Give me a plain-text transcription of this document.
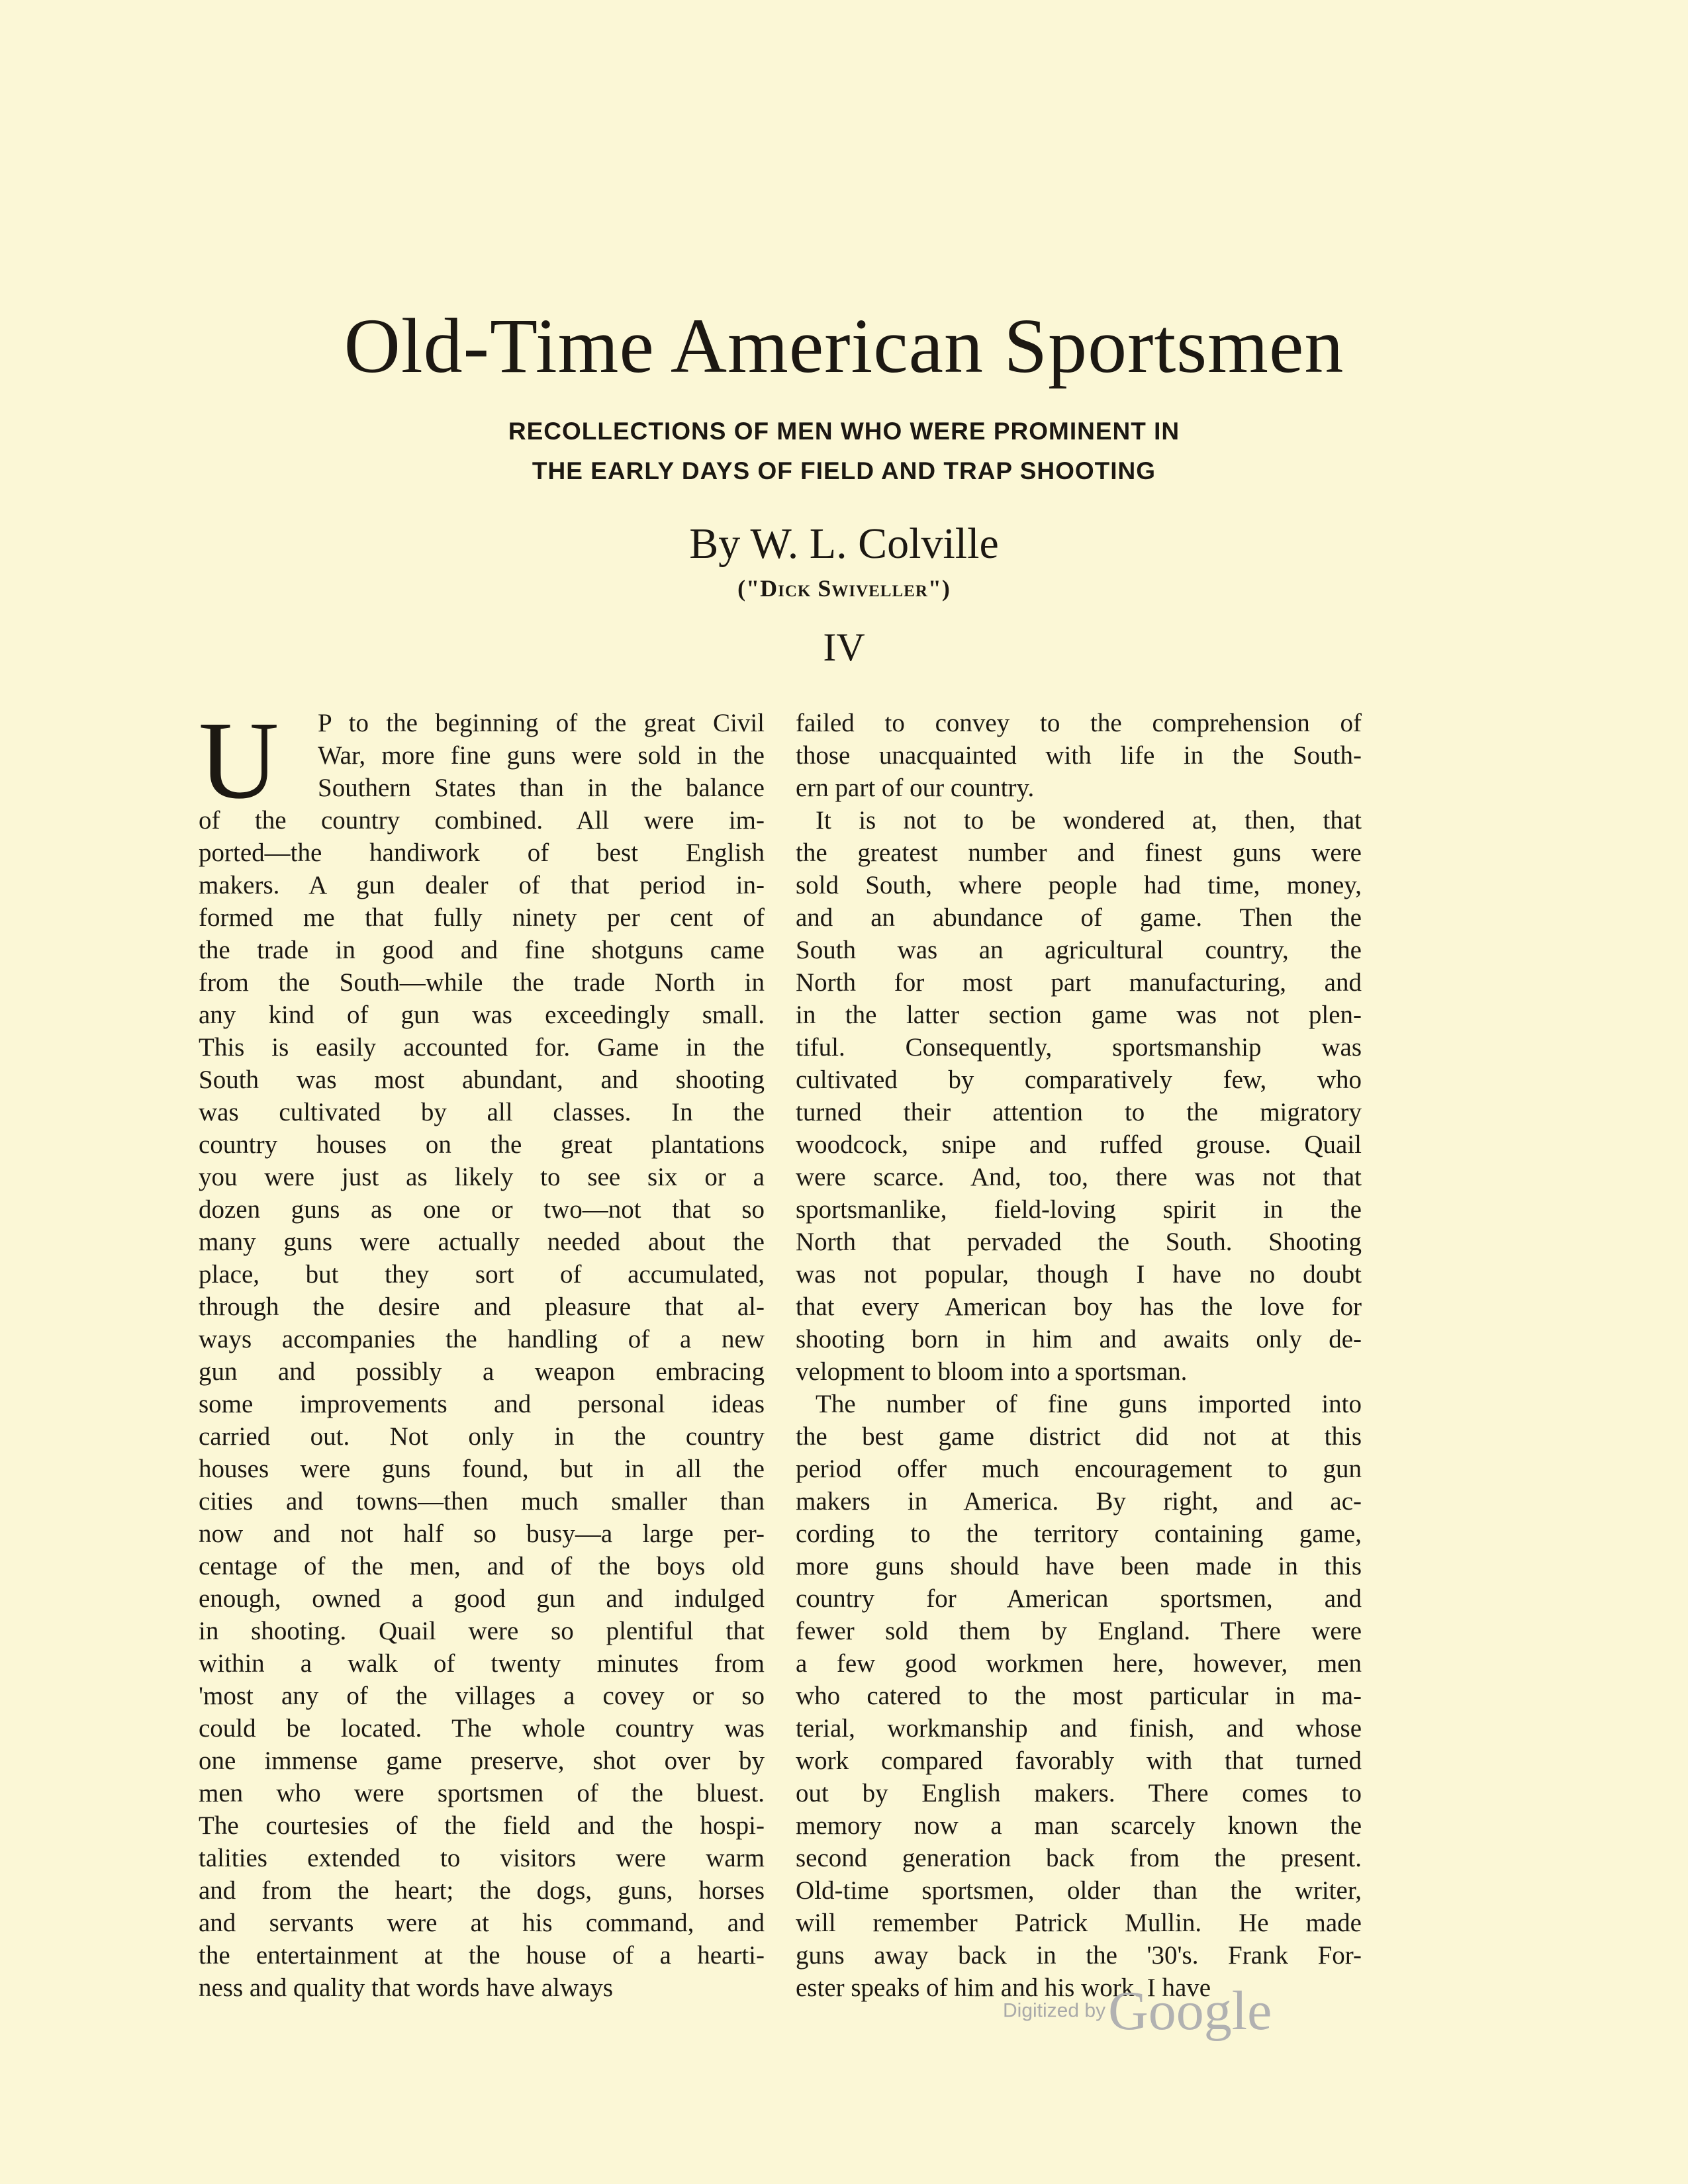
Old-Time American Sportsmen
RECOLLECTIONS OF MEN WHO WERE PROMINENT IN
THE EARLY DAYS OF FIELD AND TRAP SHOOTING
By W. L. Colville
("Dick Swiveller")
IV
U	P to the beginning of the great Civil
War, more fine guns were sold in the
Southern States than in the balance
of the country combined. All were im-
ported—the handiwork of best English
makers. A gun dealer of that period in-
formed me that fully ninety per cent of
the trade in good and fine shotguns came
from the South—while the trade North in
any kind of gun was exceedingly small.
This is easily accounted for. Game in the
South was most abundant, and shooting
was cultivated by all classes. In the
country houses on the great plantations
you were just as likely to see six or a
dozen guns as one or two—not that so
many guns were actually needed about the
place, but they sort of accumulated,
through the desire and pleasure that al-
ways accompanies the handling of a new
gun and possibly a weapon embracing
some improvements and personal ideas
carried out. Not only in the country
houses were guns found, but in all the
cities and towns—then much smaller than
now and not half so busy—a large per-
centage of the men, and of the boys old
enough, owned a good gun and indulged
in shooting. Quail were so plentiful that
within a walk of twenty minutes from
'most any of the villages a covey or so
could be located. The whole country was
one immense game preserve, shot over by
men who were sportsmen of the bluest.
The courtesies of the field and the hospi-
talities extended to visitors were warm
and from the heart; the dogs, guns, horses
and servants were at his command, and
the entertainment at the house of a hearti-
ness and quality that words have always
failed to convey to the comprehension of
those unacquainted with life in the South-
ern part of our country.
It is not to be wondered at, then, that
the greatest number and finest guns were
sold South, where people had time, money,
and an abundance of game. Then the
South was an agricultural country, the
North for most part manufacturing, and
in the latter section game was not plen-
tiful. Consequently, sportsmanship was
cultivated by comparatively few, who
turned their attention to the migratory
woodcock, snipe and ruffed grouse. Quail
were scarce. And, too, there was not that
sportsmanlike, field-loving spirit in the
North that pervaded the South. Shooting
was not popular, though I have no doubt
that every American boy has the love for
shooting born in him and awaits only de-
velopment to bloom into a sportsman.
The number of fine guns imported into
the best game district did not at this
period offer much encouragement to gun
makers in America. By right, and ac-
cording to the territory containing game,
more guns should have been made in this
country for American sportsmen, and
fewer sold them by England. There were
a few good workmen here, however, men
who catered to the most particular in ma-
terial, workmanship and finish, and whose
work compared favorably with that turned
out by English makers. There comes to
memory now a man scarcely known the
second generation back from the present.
Old-time sportsmen, older than the writer,
will remember Patrick Mullin. He made
guns away back in the '30's. Frank For-
ester speaks of him and his work. I have
Digitized by Google
